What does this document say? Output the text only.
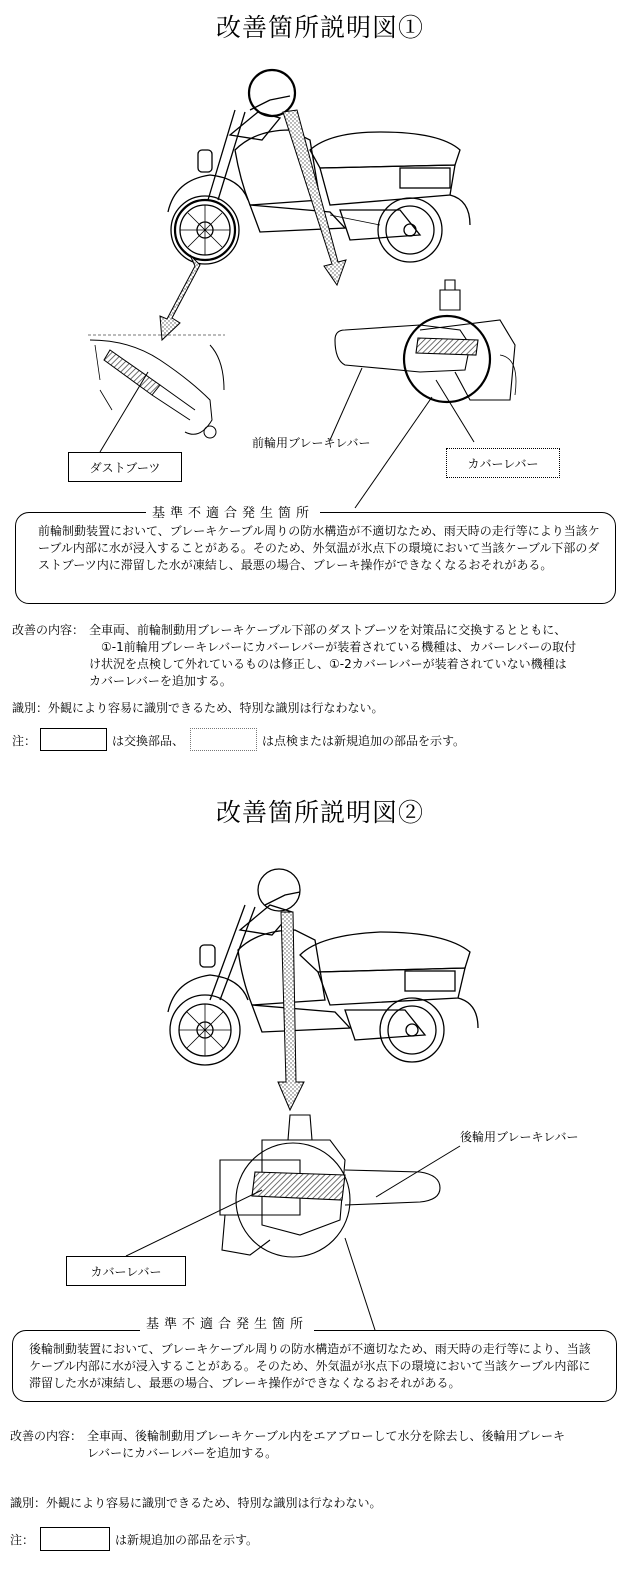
改善箇所説明図①
前輪用ブレーキレバー
ダストブーツ	カバーレバー
前輪制動装置において、ブレーキケーブル周りの防水構造が不適切なため、雨天時の走行等により当該ケーブル内部に水が浸入することがある。そのため、外気温が氷点下の環境において当該ケーブル下部のダストブーツ内に滞留した水が凍結し、最悪の場合、ブレーキ操作ができなくなるおそれがある。
基準不適合発生箇所
改善の内容： 全車両、前輪制動用ブレーキケーブル下部のダストブーツを対策品に交換するとともに、
①-1前輪用ブレーキレバーにカバーレバーが装着されている機種は、カバーレバーの取付
け状況を点検して外れているものは修正し、①-2カバーレバーが装着されていない機種は
カバーレバーを追加する。
識別：外観により容易に識別できるため、特別な識別は行なわない。
注：	は交換部品、	は点検または新規追加の部品を示す。
改善箇所説明図②
後輪用ブレーキレバー
カバーレバー
後輪制動装置において、ブレーキケーブル周りの防水構造が不適切なため、雨天時の走行等により、当該ケーブル内部に水が浸入することがある。そのため、外気温が氷点下の環境において当該ケーブル内部に滞留した水が凍結し、最悪の場合、ブレーキ操作ができなくなるおそれがある。
基準不適合発生箇所
改善の内容： 全車両、後輪制動用ブレーキケーブル内をエアブローして水分を除去し、後輪用ブレーキ
レバーにカバーレバーを追加する。
識別：外観により容易に識別できるため、特別な識別は行なわない。
注：	は新規追加の部品を示す。
